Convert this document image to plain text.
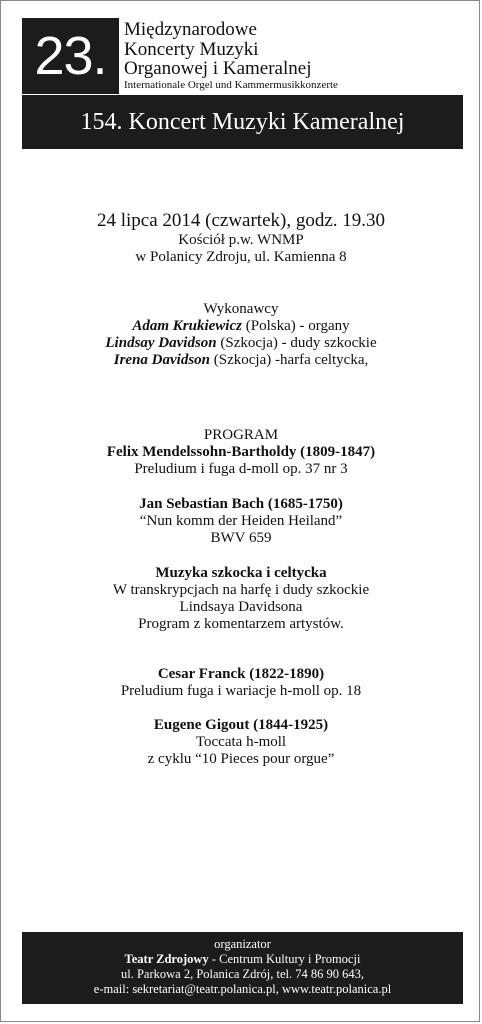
23. Międzynarodowe
Koncerty Muzyki
Organowej i Kameralnej
Internationale Orgel und Kammermusikkonzerte
154. Koncert Muzyki Kameralnej
24 lipca 2014 (czwartek), godz. 19.30
Kościół p.w. WNMP
w Polanicy Zdroju, ul. Kamienna 8
Wykonawcy
Adam Krukiewicz (Polska) - organy
Lindsay Davidson (Szkocja) - dudy szkockie
Irena Davidson (Szkocja) -harfa celtycka,
PROGRAM
Felix Mendelssohn-Bartholdy (1809-1847)
Preludium i fuga d-moll op. 37 nr 3
Jan Sebastian Bach (1685-1750)
“Nun komm der Heiden Heiland”
BWV 659
Muzyka szkocka i celtycka
W transkrypcjach na harfę i dudy szkockie
Lindsaya Davidsona
Program z komentarzem artystów.
Cesar Franck (1822-1890)
Preludium fuga i wariacje h-moll op. 18
Eugene Gigout (1844-1925)
Toccata h-moll
z cyklu “10 Pieces pour orgue”
organizator
Teatr Zdrojowy - Centrum Kultury i Promocji
ul. Parkowa 2, Polanica Zdrój, tel. 74 86 90 643,
e-mail: sekretariat@teatr.polanica.pl, www.teatr.polanica.pl
